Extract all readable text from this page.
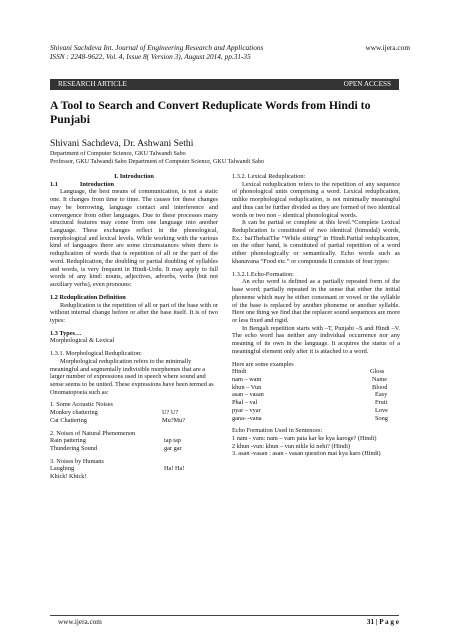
Shivani Sachdeva Int. Journal of Engineering Research and Applications	www.ijera.com
ISSN : 2248-9622, Vol. 4, Issue 8( Version 3), August 2014, pp.31-35
RESEARCH ARTICLE	OPEN ACCESS
A Tool to Search and Convert Reduplicate Words from Hindi to
Punjabi
Shivani Sachdeva, Dr. Ashwani Sethi
Department of Computer Science, GKU Talwandi Sabo
Professor, GKU Talwandi Sabo Department of Computer Science, GKU Talwandi Sabo

I. Introduction

1.1	Introduction

Language, the best means of communication, is not a static one. It changes from time to time. The causes for these changes may be borrowing, language contact and interference and convergence from other languages. Due to these processes many structural features may come from one language into another Language. These exchanges reflect in the phonological, morphological and lexical levels. While working with the various kind of languages there are some circumstances when there is reduplication of words that is repetition of all or the part of the word. Reduplication, the doubling or partial doubling of syllables and words, is very frequent in Hindi-Urdu. It may apply to full words of any kind: nouns, adjectives, adverbs, verbs (but not auxiliary verbs), even pronouns:

1.2 Reduplication Definition

Reduplication is the repetition of all or part of the base with or without internal change before or after the base itself. It is of two types:

1.3 Types…

Morphological & Lexical

1.3.1. Morphological Reduplication:

Morphological reduplication refers to the minimally meaningful and segmentally indivisible morphemes that are a larger number of expressions used in speech where sound and sense seems to be united. These expressions have been termed as Onomatopoeia such as:

1. Some Acoustic Noises

Monkey chattering	U? U?
Cat Chattering	Mu?Mu?

2. Noises of Natural Phenomenon

Rain pattering	tap tap
Thundering Sound	gar gar

3. Noises by Humans

Laughing	Ha! Ha!
Khick! Khick!

1.3.2. Lexical Reduplication:

Lexical reduplication refers to the repetition of any sequence of phonological units comprising a word. Lexical reduplication, unlike morphological reduplication, is not minimally meaningful and thus can be further divided as they are formed of two identical words or two non – identical phonological words.

It can be partial or complete at this level.“Complete Lexical Reduplication is constituted of two identical (bimodal) words, Ex.: baiThebaiThe “While sitting” in Hindi.Partial reduplication, on the other hand, is constituted of partial repetition of a word either phonologically or semantically. Echo words such as khanavana “Food etc.” or compounds It consists of four types:

1.3.2.1.Echo-Formation:

An echo word is defined as a partially repeated form of the base word; partially repeated in the sense that either the initial phoneme which may be either consonant or vowel or the syllable of the base is replaced by another phoneme or another syllable. Here one thing we find that the replacer sound sequences are more or less fixed and rigid.

In Bengali repetition starts with –T, Punjabi –S and Hindi –V. The echo word has neither any individual occurrence nor any meaning of its own in the language. It acquires the status of a meaningful element only after it is attached to a word.

Here are some examples

Hindi	Gloss
nam – wam	Name
khun – Vun	Blood
asan – vasan	Easy
Phal – val	Fruit
pyar – vyar	Love
gana- -vana	Song

Echo Formation Used in Sentences:

1 nam - vam: nam – vam pata kar ke kya karoge? (Hindi)

2 khun -vun: khun – vun nikle ki nehi? (Hindi)

3. asan -vasan : asan - vasan question mat kya karo (Hindi)

www.ijera.com	31 | P a g e
